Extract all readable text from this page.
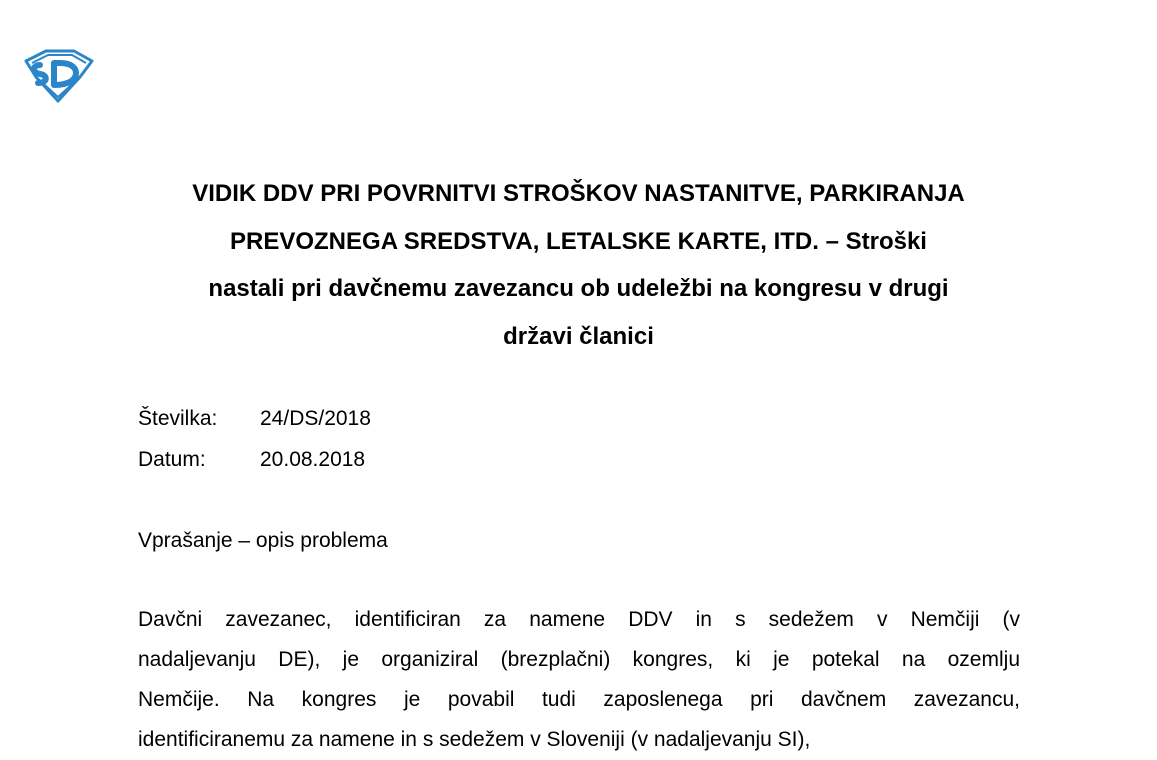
VIDIK DDV PRI POVRNITVI STROŠKOV NASTANITVE, PARKIRANJA
PREVOZNEGA SREDSTVA, LETALSKE KARTE, ITD. – Stroški
nastali pri davčnemu zavezancu ob udeležbi na kongresu v drugi
državi članici
Številka: 24/DS/2018
Datum:	20.08.2018
Vprašanje – opis problema
Davčni zavezanec, identificiran za namene DDV in s sedežem v Nemčiji (v
nadaljevanju DE), je organiziral (brezplačni) kongres, ki je potekal na ozemlju
Nemčije. Na kongres je povabil tudi zaposlenega pri davčnem zavezancu,
identificiranemu za namene in s sedežem v Sloveniji (v nadaljevanju SI),
